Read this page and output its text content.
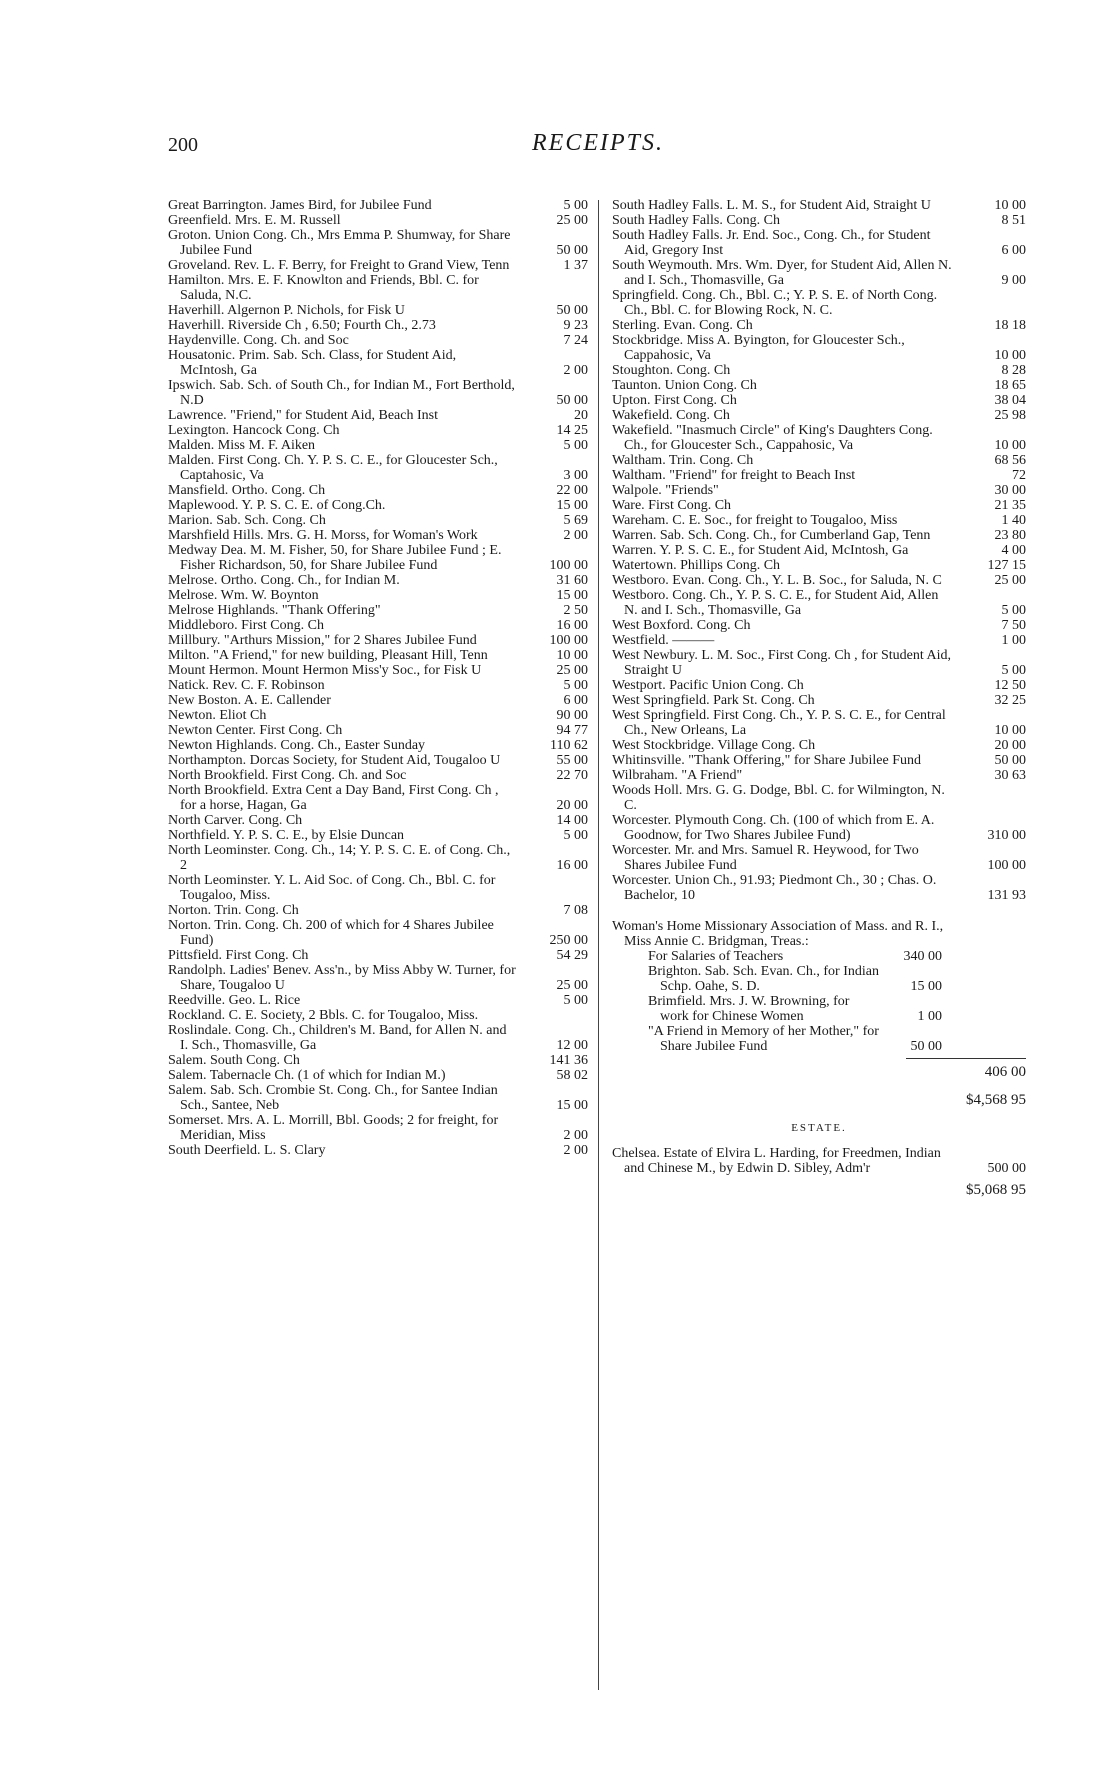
200	RECEIPTS.
Great Barrington. James Bird, for Jubilee Fund	5 00
Greenfield. Mrs. E. M. Russell	25 00
Groton. Union Cong. Ch., Mrs Emma P. Shumway, for Share Jubilee Fund	50 00
Groveland. Rev. L. F. Berry, for Freight to Grand View, Tenn	1 37
Hamilton. Mrs. E. F. Knowlton and Friends, Bbl. C. for Saluda, N.C.
Haverhill. Algernon P. Nichols, for Fisk U	50 00
Haverhill. Riverside Ch , 6.50; Fourth Ch., 2.73	9 23
Haydenville. Cong. Ch. and Soc	7 24
Housatonic. Prim. Sab. Sch. Class, for Student Aid, McIntosh, Ga	2 00
Ipswich. Sab. Sch. of South Ch., for Indian M., Fort Berthold, N.D	50 00
Lawrence. "Friend," for Student Aid, Beach Inst	20
Lexington. Hancock Cong. Ch	14 25
Malden. Miss M. F. Aiken	5 00
Malden. First Cong. Ch. Y. P. S. C. E., for Gloucester Sch., Captahosic, Va	3 00
Mansfield. Ortho. Cong. Ch	22 00
Maplewood. Y. P. S. C. E. of Cong.Ch.	15 00
Marion. Sab. Sch. Cong. Ch	5 69
Marshfield Hills. Mrs. G. H. Morss, for Woman's Work	2 00
Medway Dea. M. M. Fisher, 50, for Share Jubilee Fund ; E. Fisher Richardson, 50, for Share Jubilee Fund	100 00
Melrose. Ortho. Cong. Ch., for Indian M.	31 60
Melrose. Wm. W. Boynton	15 00
Melrose Highlands. "Thank Offering"	2 50
Middleboro. First Cong. Ch	16 00
Millbury. "Arthurs Mission," for 2 Shares Jubilee Fund	100 00
Milton. "A Friend," for new building, Pleasant Hill, Tenn	10 00
Mount Hermon. Mount Hermon Miss'y Soc., for Fisk U	25 00
Natick. Rev. C. F. Robinson	5 00
New Boston. A. E. Callender	6 00
Newton. Eliot Ch	90 00
Newton Center. First Cong. Ch	94 77
Newton Highlands. Cong. Ch., Easter Sunday	110 62
Northampton. Dorcas Society, for Student Aid, Tougaloo U	55 00
North Brookfield. First Cong. Ch. and Soc	22 70
North Brookfield. Extra Cent a Day Band, First Cong. Ch , for a horse, Hagan, Ga	20 00
North Carver. Cong. Ch	14 00
Northfield. Y. P. S. C. E., by Elsie Duncan	5 00
North Leominster. Cong. Ch., 14; Y. P. S. C. E. of Cong. Ch., 2	16 00
North Leominster. Y. L. Aid Soc. of Cong. Ch., Bbl. C. for Tougaloo, Miss.
Norton. Trin. Cong. Ch	7 08
Norton. Trin. Cong. Ch. 200 of which for 4 Shares Jubilee Fund)	250 00
Pittsfield. First Cong. Ch	54 29
Randolph. Ladies' Benev. Ass'n., by Miss Abby W. Turner, for Share, Tougaloo U	25 00
Reedville. Geo. L. Rice	5 00
Rockland. C. E. Society, 2 Bbls. C. for Tougaloo, Miss.
Roslindale. Cong. Ch., Children's M. Band, for Allen N. and I. Sch., Thomasville, Ga	12 00
Salem. South Cong. Ch	141 36
Salem. Tabernacle Ch. (1 of which for Indian M.)	58 02
Salem. Sab. Sch. Crombie St. Cong. Ch., for Santee Indian Sch., Santee, Neb	15 00
Somerset. Mrs. A. L. Morrill, Bbl. Goods; 2 for freight, for Meridian, Miss	2 00
South Deerfield. L. S. Clary	2 00
South Hadley Falls. L. M. S., for Student Aid, Straight U	10 00
South Hadley Falls. Cong. Ch	8 51
South Hadley Falls. Jr. End. Soc., Cong. Ch., for Student Aid, Gregory Inst	6 00
South Weymouth. Mrs. Wm. Dyer, for Student Aid, Allen N. and I. Sch., Thomasville, Ga	9 00
Springfield. Cong. Ch., Bbl. C.; Y. P. S. E. of North Cong. Ch., Bbl. C. for Blowing Rock, N. C.
Sterling. Evan. Cong. Ch	18 18
Stockbridge. Miss A. Byington, for Gloucester Sch., Cappahosic, Va	10 00
Stoughton. Cong. Ch	8 28
Taunton. Union Cong. Ch	18 65
Upton. First Cong. Ch	38 04
Wakefield. Cong. Ch	25 98
Wakefield. "Inasmuch Circle" of King's Daughters Cong. Ch., for Gloucester Sch., Cappahosic, Va	10 00
Waltham. Trin. Cong. Ch	68 56
Waltham. "Friend" for freight to Beach Inst	72
Walpole. "Friends"	30 00
Ware. First Cong. Ch	21 35
Wareham. C. E. Soc., for freight to Tougaloo, Miss	1 40
Warren. Sab. Sch. Cong. Ch., for Cumberland Gap, Tenn	23 80
Warren. Y. P. S. C. E., for Student Aid, McIntosh, Ga	4 00
Watertown. Phillips Cong. Ch	127 15
Westboro. Evan. Cong. Ch., Y. L. B. Soc., for Saluda, N. C	25 00
Westboro. Cong. Ch., Y. P. S. C. E., for Student Aid, Allen N. and I. Sch., Thomasville, Ga	5 00
West Boxford. Cong. Ch	7 50
Westfield. ———	1 00
West Newbury. L. M. Soc., First Cong. Ch , for Student Aid, Straight U	5 00
Westport. Pacific Union Cong. Ch	12 50
West Springfield. Park St. Cong. Ch	32 25
West Springfield. First Cong. Ch., Y. P. S. C. E., for Central Ch., New Orleans, La	10 00
West Stockbridge. Village Cong. Ch	20 00
Whitinsville. "Thank Offering," for Share Jubilee Fund	50 00
Wilbraham. "A Friend"	30 63
Woods Holl. Mrs. G. G. Dodge, Bbl. C. for Wilmington, N. C.
Worcester. Plymouth Cong. Ch. (100 of which from E. A. Goodnow, for Two Shares Jubilee Fund)	310 00
Worcester. Mr. and Mrs. Samuel R. Heywood, for Two Shares Jubilee Fund	100 00
Worcester. Union Ch., 91.93; Piedmont Ch., 30 ; Chas. O. Bachelor, 10	131 93
Woman's Home Missionary Association of Mass. and R. I., Miss Annie C. Bridgman, Treas.:
For Salaries of Teachers	340 00
Brighton. Sab. Sch. Evan. Ch., for Indian Schp. Oahe, S. D.	15 00
Brimfield. Mrs. J. W. Browning, for work for Chinese Women	1 00
"A Friend in Memory of her Mother," for Share Jubilee Fund	50 00
406 00
$4,568 95
ESTATE.
Chelsea. Estate of Elvira L. Harding, for Freedmen, Indian and Chinese M., by Edwin D. Sibley, Adm'r	500 00
$5,068 95
